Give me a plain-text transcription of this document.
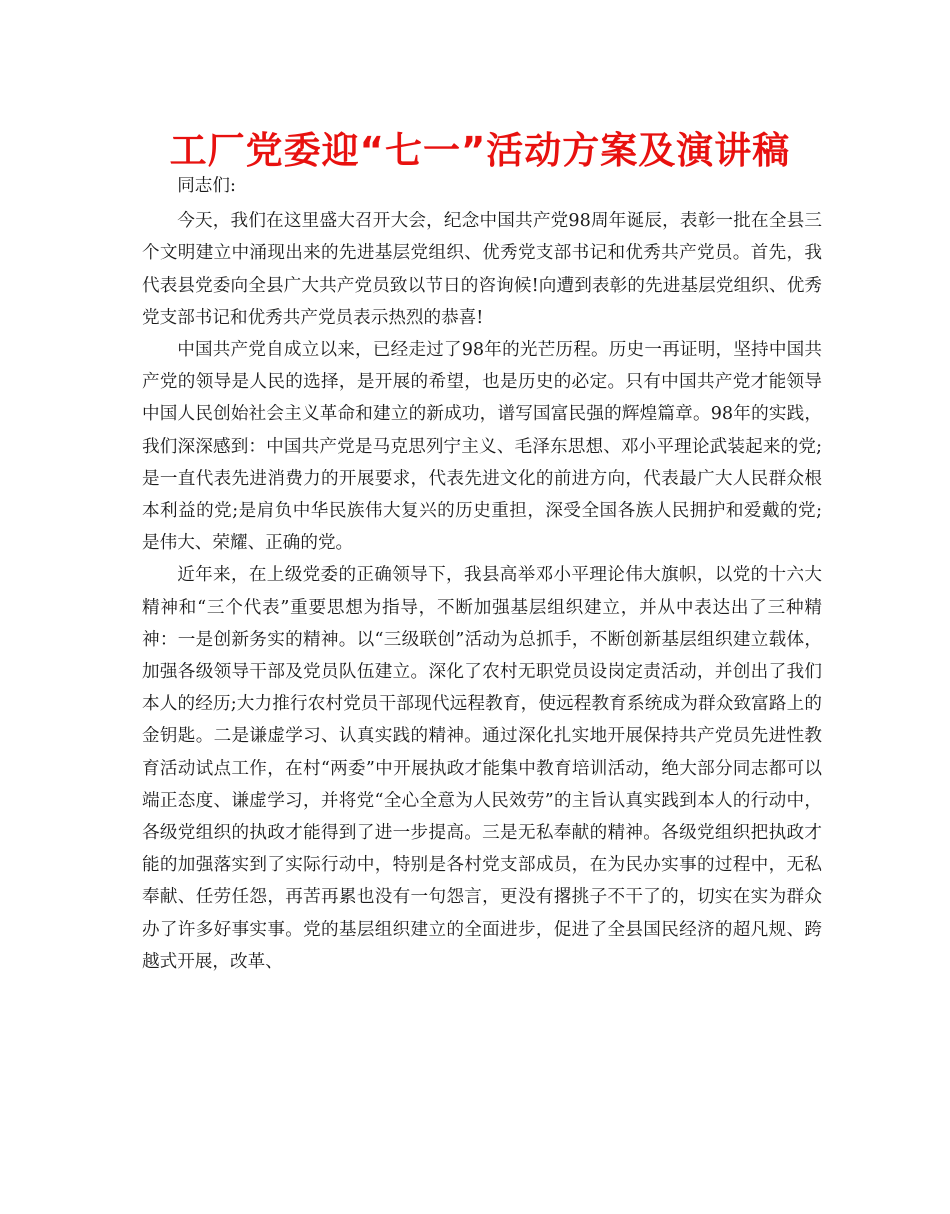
工厂党委迎“七一”活动方案及演讲稿

同志们:

今天，我们在这里盛大召开大会，纪念中国共产党98周年诞辰，表彰一批在全县三个文明建立中涌现出来的先进基层党组织、优秀党支部书记和优秀共产党员。首先，我代表县党委向全县广大共产党员致以节日的咨询候!向遭到表彰的先进基层党组织、优秀党支部书记和优秀共产党员表示热烈的恭喜!

中国共产党自成立以来，已经走过了98年的光芒历程。历史一再证明，坚持中国共产党的领导是人民的选择，是开展的希望，也是历史的必定。只有中国共产党才能领导中国人民创始社会主义革命和建立的新成功，谱写国富民强的辉煌篇章。98年的实践，我们深深感到：中国共产党是马克思列宁主义、毛泽东思想、邓小平理论武装起来的党;是一直代表先进消费力的开展要求，代表先进文化的前进方向，代表最广大人民群众根本利益的党;是肩负中华民族伟大复兴的历史重担，深受全国各族人民拥护和爱戴的党;是伟大、荣耀、正确的党。

近年来，在上级党委的正确领导下，我县高举邓小平理论伟大旗帜，以党的十六大精神和“三个代表”重要思想为指导，不断加强基层组织建立，并从中表达出了三种精神：一是创新务实的精神。以“三级联创”活动为总抓手，不断创新基层组织建立载体，加强各级领导干部及党员队伍建立。深化了农村无职党员设岗定责活动，并创出了我们本人的经历;大力推行农村党员干部现代远程教育，使远程教育系统成为群众致富路上的金钥匙。二是谦虚学习、认真实践的精神。通过深化扎实地开展保持共产党员先进性教育活动试点工作，在村“两委”中开展执政才能集中教育培训活动，绝大部分同志都可以端正态度、谦虚学习，并将党“全心全意为人民效劳”的主旨认真实践到本人的行动中，各级党组织的执政才能得到了进一步提高。三是无私奉献的精神。各级党组织把执政才能的加强落实到了实际行动中，特别是各村党支部成员，在为民办实事的过程中，无私奉献、任劳任怨，再苦再累也没有一句怨言，更没有撂挑子不干了的，切实在实为群众办了许多好事实事。党的基层组织建立的全面进步，促进了全县国民经济的超凡规、跨越式开展，改革、
